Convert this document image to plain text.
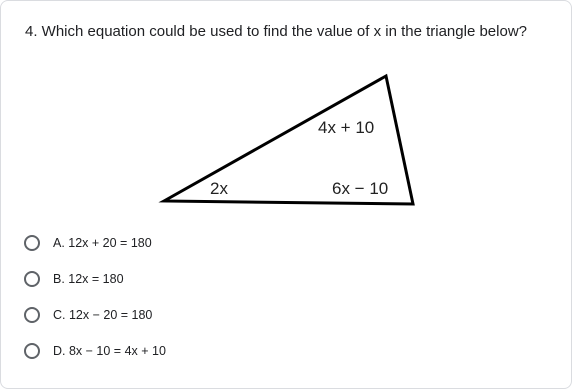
4. Which equation could be used to find the value of x in the triangle below?
2x
4x + 10
6x − 10
A. 12x + 20 = 180
B. 12x = 180
C. 12x − 20 = 180
D. 8x − 10 = 4x + 10
